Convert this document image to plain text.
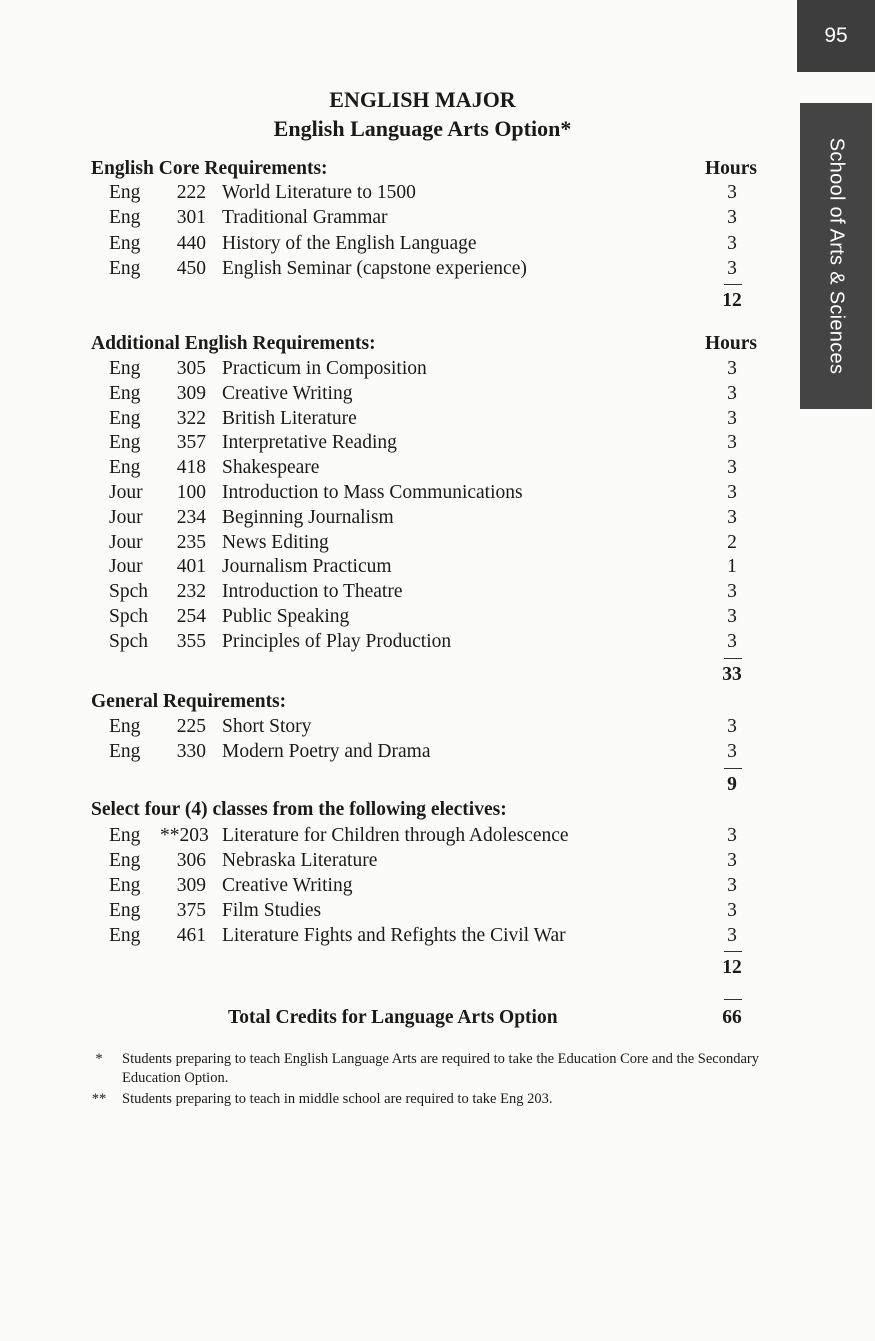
95
School of Arts & Sciences
ENGLISH MAJOR
English Language Arts Option*
English Core Requirements:	Hours
Eng	222 World Literature to 1500	3
Eng	301 Traditional Grammar	3
Eng	440 History of the English Language	3
Eng	450 English Seminar (capstone experience)	3
12
Additional English Requirements:	Hours
Eng	305 Practicum in Composition	3
Eng	309 Creative Writing	3
Eng	322 British Literature	3
Eng	357 Interpretative Reading	3
Eng	418 Shakespeare	3
Jour	100 Introduction to Mass Communications	3
Jour	234 Beginning Journalism	3
Jour	235 News Editing	2
Jour	401 Journalism Practicum	1
Spch	232 Introduction to Theatre	3
Spch	254 Public Speaking	3
Spch	355 Principles of Play Production	3
33
General Requirements:
Eng	225 Short Story	3
Eng	330 Modern Poetry and Drama	3
9
Select four (4) classes from the following electives:
Eng **203 Literature for Children through Adolescence	3
Eng	306 Nebraska Literature	3
Eng	309 Creative Writing	3
Eng	375 Film Studies	3
Eng	461 Literature Fights and Refights the Civil War	3
12
Total Credits for Language Arts Option	66
*	Students preparing to teach English Language Arts are required to take the Education Core and the Secondary Education Option.
**	Students preparing to teach in middle school are required to take Eng 203.
